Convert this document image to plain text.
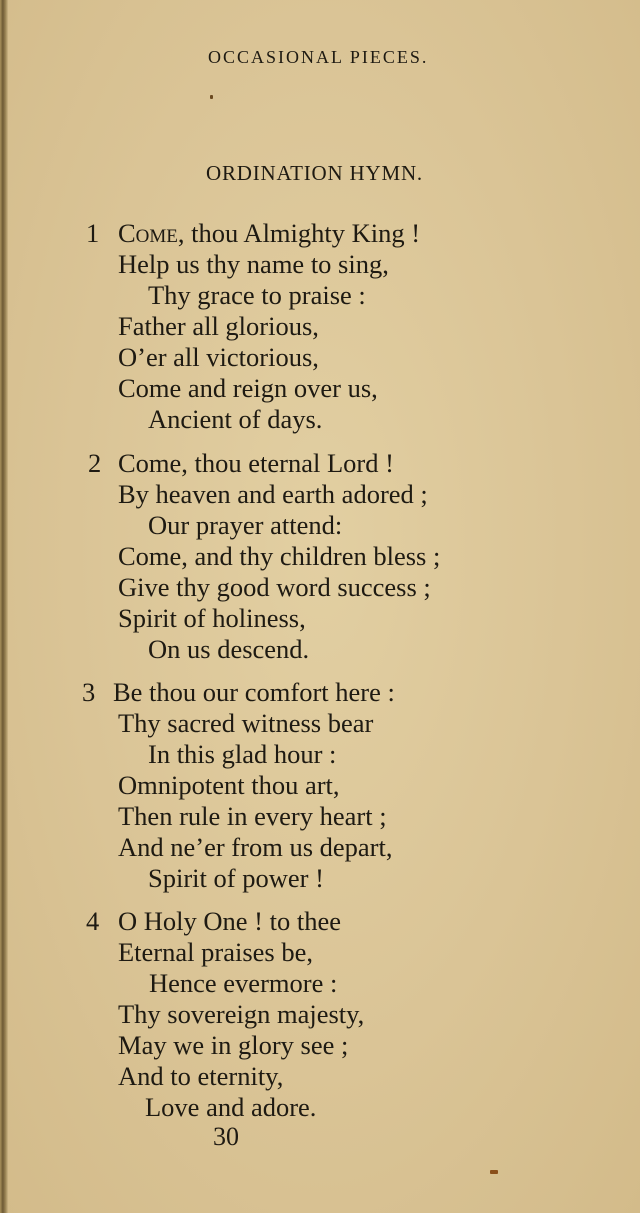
OCCASIONAL PIECES.
ORDINATION HYMN.
1 Come, thou Almighty King !
Help us thy name to sing,
Thy grace to praise :
Father all glorious,
O’er all victorious,
Come and reign over us,
Ancient of days.
2 Come, thou eternal Lord !
By heaven and earth adored ;
Our prayer attend:
Come, and thy children bless ;
Give thy good word success ;
Spirit of holiness,
On us descend.
3 Be thou our comfort here :
Thy sacred witness bear
In this glad hour :
Omnipotent thou art,
Then rule in every heart ;
And ne’er from us depart,
Spirit of power !
4 O Holy One ! to thee
Eternal praises be,
Hence evermore :
Thy sovereign majesty,
May we in glory see ;
And to eternity,
Love and adore.
30
